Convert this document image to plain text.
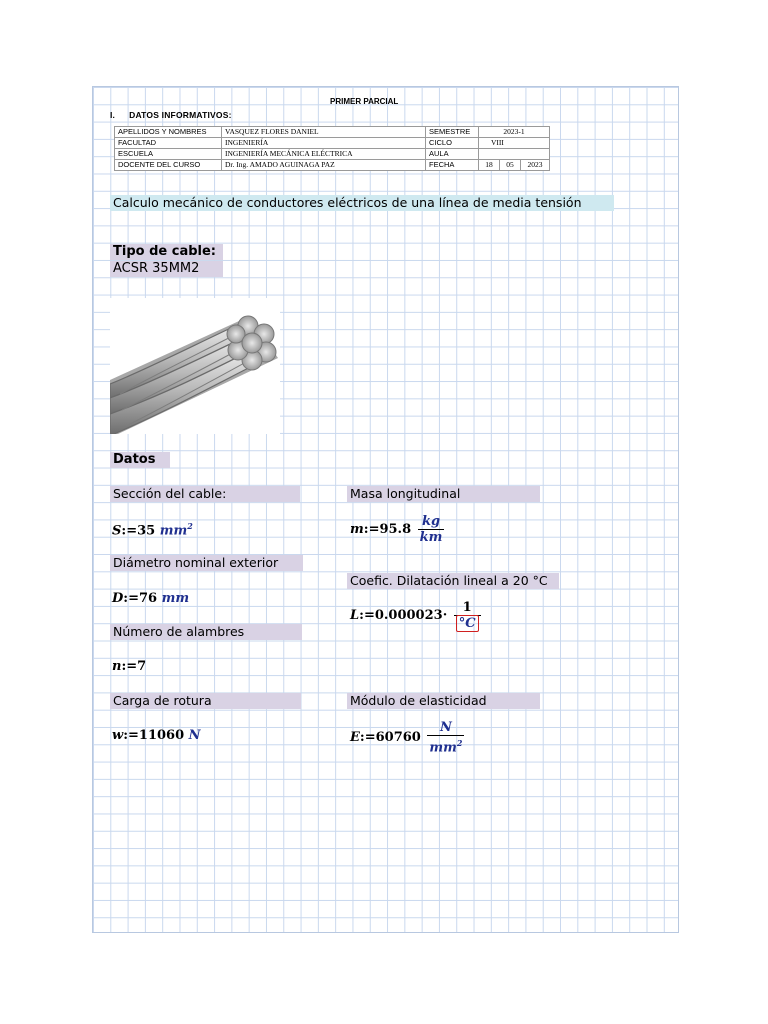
PRIMER PARCIAL
I. DATOS INFORMATIVOS:
APELLIDOS Y NOMBRES	VASQUEZ FLORES DANIEL	SEMESTRE	2023-1		
FACULTAD	INGENIERÍA	CICLO	VIII		
ESCUELA	INGENIERÍA MECÁNICA ELÉCTRICA	AULA			
DOCENTE DEL CURSO	Dr. Ing. AMADO AGUINAGA PAZ	FECHA	18	05	2023
Calculo mecánico de conductores eléctricos de una línea de media tensión
Tipo de cable:
ACSR 35MM2
Datos
Sección del cable:
S:=35 $mm^2$
Diámetro nominal exterior
D:=76 mm
Número de alambres
n:=7
Carga de rotura
w:=11060 N
Masa longitudinal
m:=95.8 $\frac{kg}{km}$
Coefic. Dilatación lineal a 20 °C
L:=0.000023· $\frac{1}{^\circ C}$
Módulo de elasticidad
E:=60760 $\frac{N}{mm^2}$
